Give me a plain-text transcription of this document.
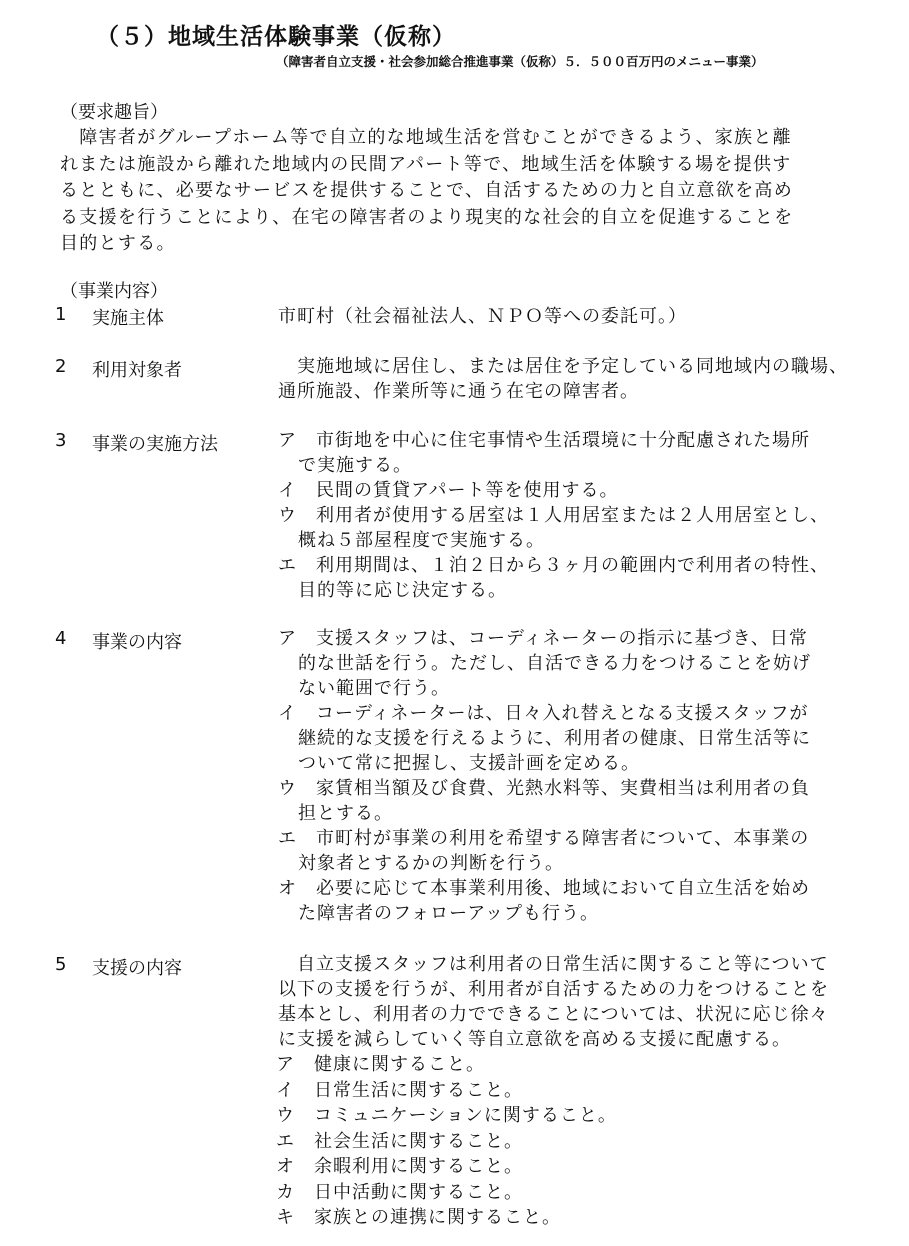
（５）地域生活体験事業（仮称）
（障害者自立支援・社会参加総合推進事業（仮称）５．５００百万円のメニュー事業）
（要求趣旨）
　障害者がグループホーム等で自立的な地域生活を営むことができるよう、家族と離
れまたは施設から離れた地域内の民間アパート等で、地域生活を体験する場を提供す
るとともに、必要なサービスを提供することで、自活するための力と自立意欲を高め
る支援を行うことにより、在宅の障害者のより現実的な社会的自立を促進することを
目的とする。
（事業内容）
1 実施主体	市町村（社会福祉法人、ＮＰＯ等への委託可。）
2 利用対象者	　実施地域に居住し、または居住を予定している同地域内の職場、
通所施設、作業所等に通う在宅の障害者。
3 事業の実施方法	ア　 市街地を中心に住宅事情や生活環境に十分配慮された場所
で実施する。
イ　 民間の賃貸アパート等を使用する。
ウ　 利用者が使用する居室は１人用居室または２人用居室とし、
概ね５部屋程度で実施する。
エ　 利用期間は、１泊２日から３ヶ月の範囲内で利用者の特性、
目的等に応じ決定する。
4 事業の内容	ア　 支援スタッフは、コーディネーターの指示に基づき、日常
的な世話を行う。ただし、自活できる力をつけることを妨げ
ない範囲で行う。
イ　 コーディネーターは、日々入れ替えとなる支援スタッフが
継続的な支援を行えるように、利用者の健康、日常生活等に
ついて常に把握し、支援計画を定める。
ウ　 家賃相当額及び食費、光熱水料等、実費相当は利用者の負
担とする。
エ　 市町村が事業の利用を希望する障害者について、本事業の
対象者とするかの判断を行う。
オ　 必要に応じて本事業利用後、地域において自立生活を始め
た障害者のフォローアップも行う。
5 支援の内容	　自立支援スタッフは利用者の日常生活に関すること等について
以下の支援を行うが、利用者が自活するための力をつけることを
基本とし、利用者の力でできることについては、状況に応じ徐々
に支援を減らしていく等自立意欲を高める支援に配慮する。
ア　 健康に関すること。
イ　 日常生活に関すること。
ウ　 コミュニケーションに関すること。
エ　 社会生活に関すること。
オ　 余暇利用に関すること。
カ　 日中活動に関すること。
キ　 家族との連携に関すること。
